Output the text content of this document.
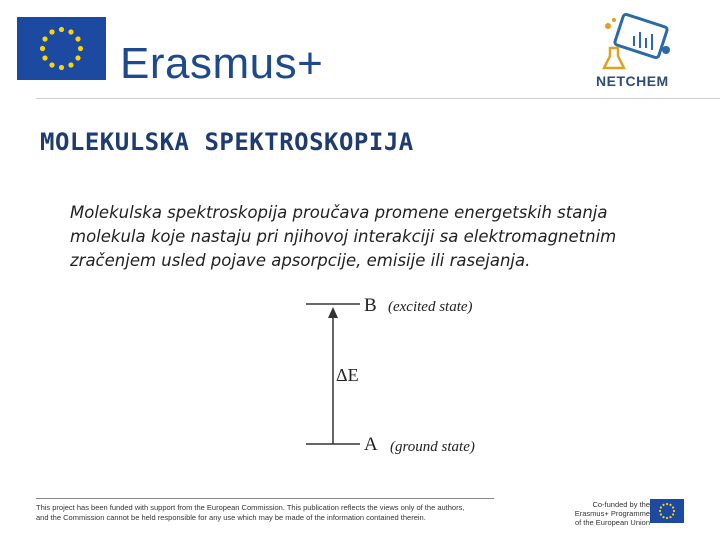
Erasmus+	NETCHEM
MOLEKULSKA SPEKTROSKOPIJA
Molekulska spektroskopija proučava promene energetskih stanja molekula koje nastaju pri njihovoj interakciji sa elektromagnetnim zračenjem usled pojave apsorpcije, emisije ili rasejanja.
B (excited state)
ΔE
A (ground state)
This project has been funded with support from the European Commission. This publication reflects the views only of the authors,
and the Commission cannot be held responsible for any use which may be made of the information contained therein.
Co-funded by the
Erasmus+ Programme
of the European Union
